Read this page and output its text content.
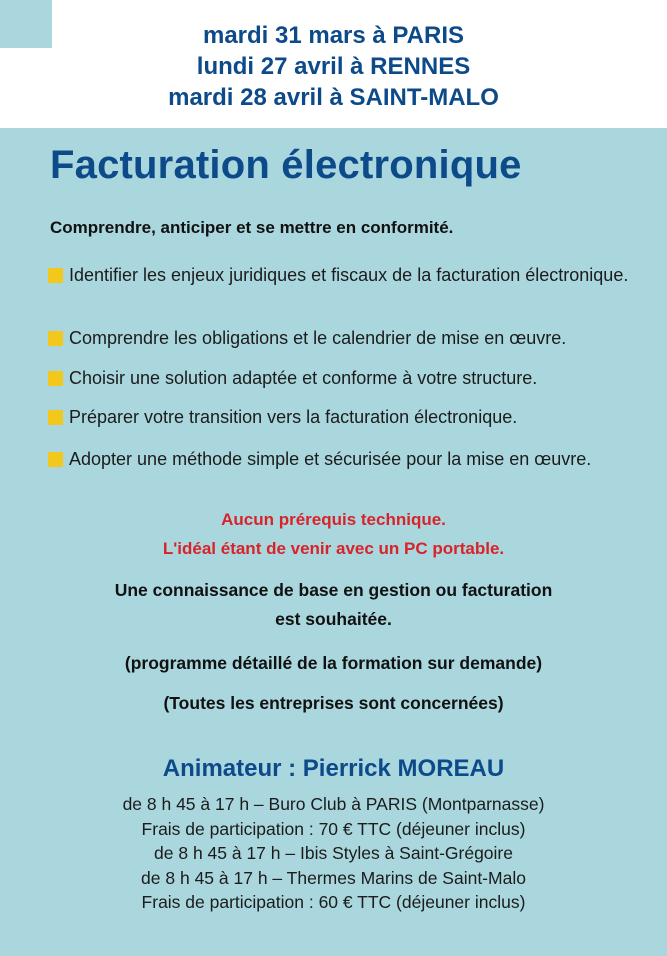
mardi 31 mars à PARIS
lundi 27 avril à RENNES
mardi 28 avril à SAINT-MALO
Facturation électronique
Comprendre, anticiper et se mettre en conformité.
Identifier les enjeux juridiques et fiscaux de la facturation électronique.
Comprendre les obligations et le calendrier de mise en œuvre.
Choisir une solution adaptée et conforme à votre structure.
Préparer votre transition vers la facturation électronique.
Adopter une méthode simple et sécurisée pour la mise en œuvre.
Aucun prérequis technique.
L'idéal étant de venir avec un PC portable.
Une connaissance de base en gestion ou facturation
est souhaitée.
(programme détaillé de la formation sur demande)
(Toutes les entreprises sont concernées)
Animateur : Pierrick MOREAU
de 8 h 45 à 17 h – Buro Club à PARIS (Montparnasse)
Frais de participation : 70 € TTC (déjeuner inclus)
de 8 h 45 à 17 h – Ibis Styles à Saint-Grégoire
de 8 h 45 à 17 h – Thermes Marins de Saint-Malo
Frais de participation : 60 € TTC (déjeuner inclus)
